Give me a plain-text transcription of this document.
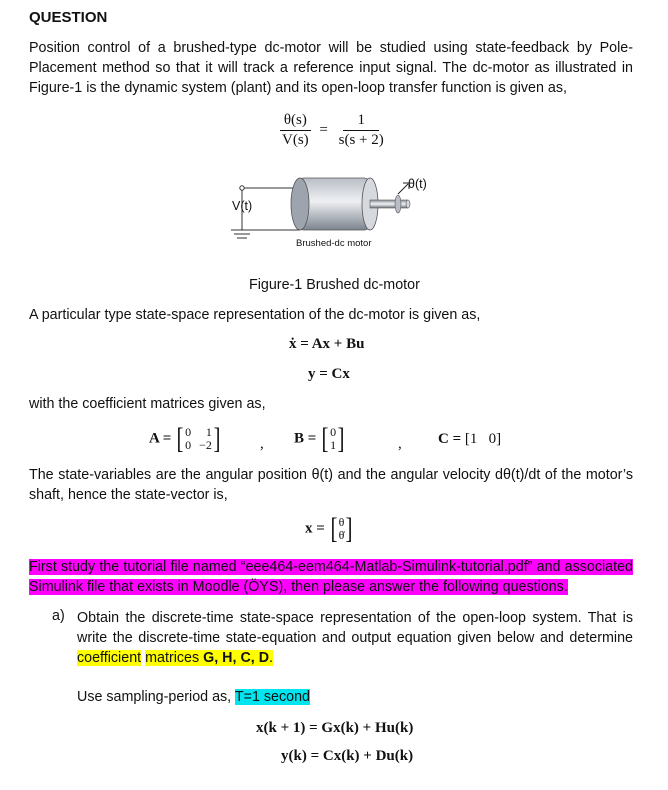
QUESTION
Position control of a brushed-type dc-motor will be studied using state-feedback by Pole-Placement method so that it will track a reference input signal. The dc-motor as illustrated in Figure-1 is the dynamic system (plant) and its open-loop transfer function is given as,
$\frac{\theta(s)}{V(s)} = \frac{1}{s(s + 2)}$
V(t)
θ(t)
Brushed-dc motor
Figure-1 Brushed dc-motor
A particular type state-space representation of the dc-motor is given as,
ẋ = Ax + Bu
y = Cx
with the coefficient matrices given as,
A = [ 0	1
0 −2 ]	, B = [ 0
1 ]	, C = [1   0]
The state-variables are the angular position θ(t) and the angular velocity dθ(t)/dt of the motor’s shaft, hence the state-vector is,
x = [ θ
θ̇ ]
First study the tutorial file named “eee464-eem464-Matlab-Simulink-tutorial.pdf” and associated Simulink file that exists in Moodle (ÖYS), then please answer the following questions.
a) Obtain the discrete-time state-space representation of the open-loop system. That is write the discrete-time state-equation and output equation given below and determine coefficient matrices G, H, C, D.
Use sampling-period as, T=1 second
x(k + 1) = Gx(k) + Hu(k)
y(k) = Cx(k) + Du(k)
